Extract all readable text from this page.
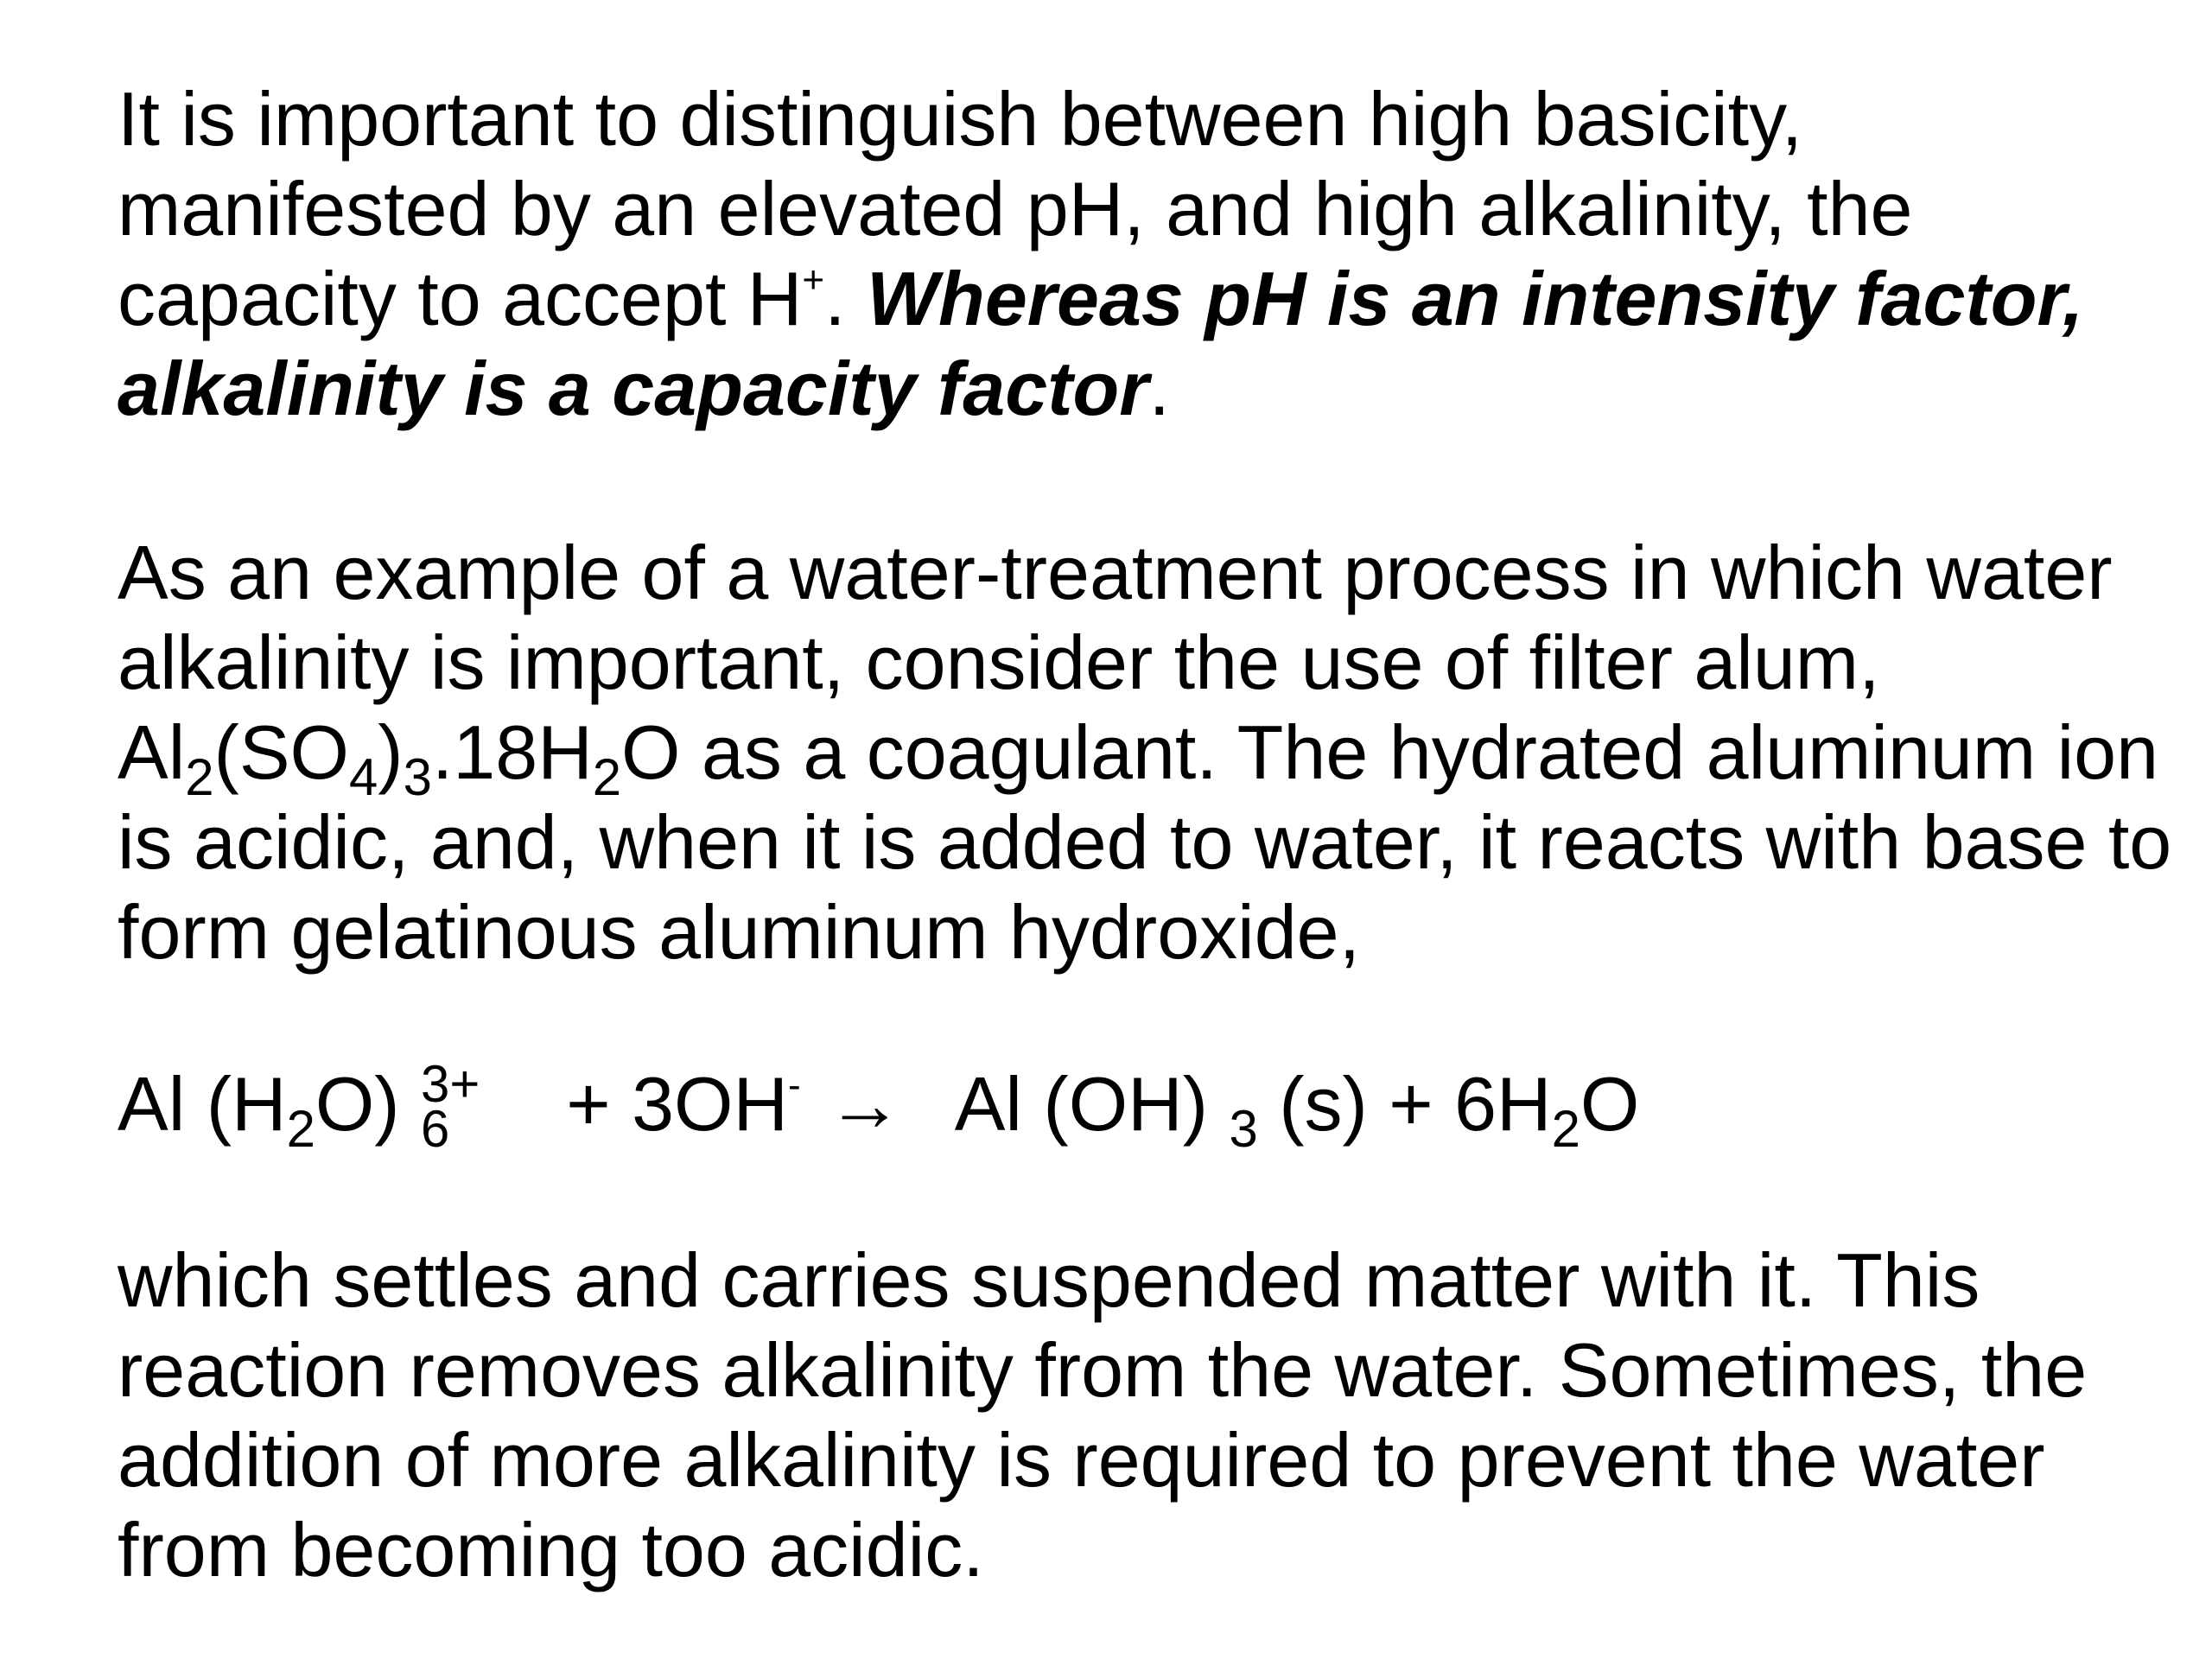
It is important to distinguish between high basicity,
manifested by an elevated pH, and high alkalinity, the
capacity to accept H+. Whereas pH is an intensity factor,
alkalinity is a capacity factor.

As an example of a water-treatment process in which water
alkalinity is important, consider the use of filter alum,
$Al_2(SO_4)_3.18H_2O$ as a coagulant. The hydrated aluminum ion
is acidic, and, when it is added to water, it reacts with base to
form gelatinous aluminum hydroxide,

Al $(H_2O) _6^{3+} + 3OH^- \to Al$ (OH) $_3$ $(s) + 6H_2O$

which settles and carries suspended matter with it. This
reaction removes alkalinity from the water. Sometimes, the
addition of more alkalinity is required to prevent the water
from becoming too acidic.
